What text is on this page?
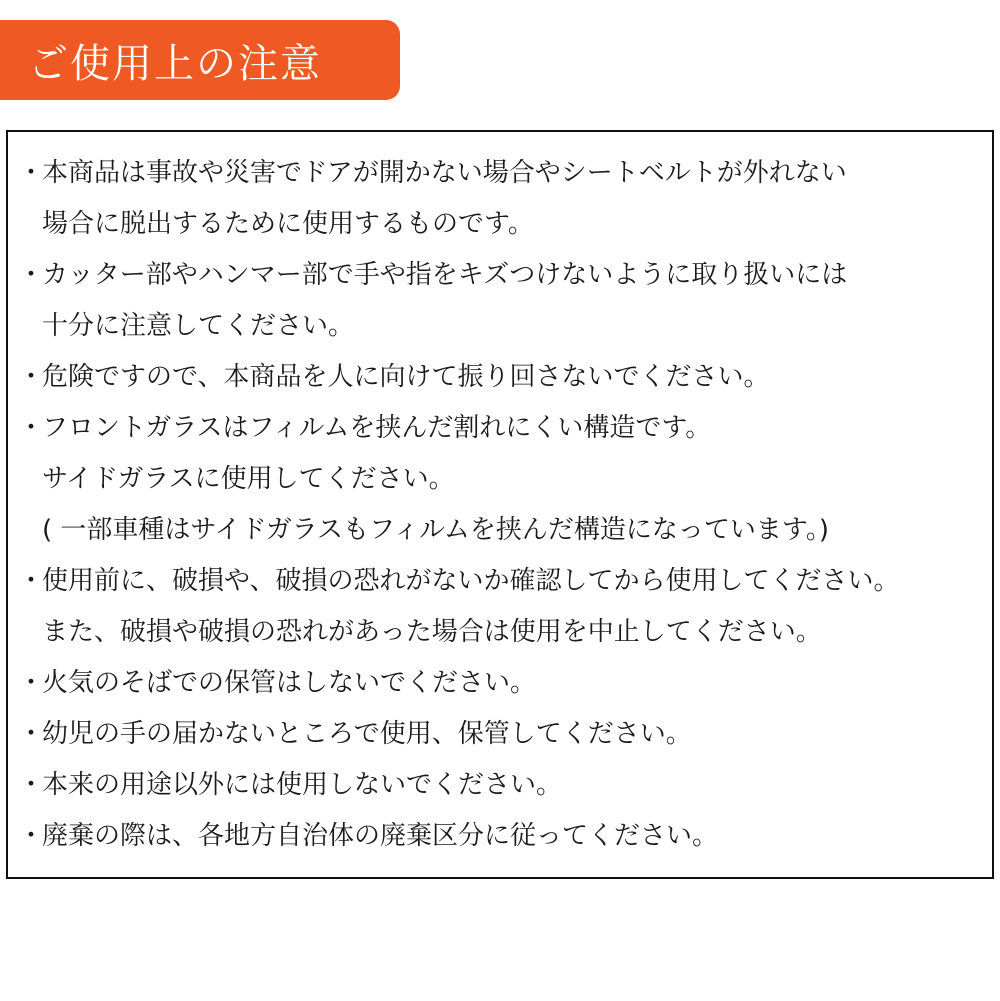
ご使用上の注意
・
本商品は事故や災害でドアが開かない場合やシートベルトが外れない
場合に脱出するために使用するものです。
・
カッター部やハンマー部で手や指をキズつけないように取り扱いには
十分に注意してください。
・
危険ですので、本商品を人に向けて振り回さないでください。
・
フロントガラスはフィルムを挟んだ割れにくい構造です。
サイドガラスに使用してください。
( 一部車種はサイドガラスもフィルムを挟んだ構造になっています。)
・
使用前に、破損や、破損の恐れがないか確認してから使用してください。
また、破損や破損の恐れがあった場合は使用を中止してください。
・
火気のそばでの保管はしないでください。
・
幼児の手の届かないところで使用、保管してください。
・
本来の用途以外には使用しないでください。
・
廃棄の際は、各地方自治体の廃棄区分に従ってください。
